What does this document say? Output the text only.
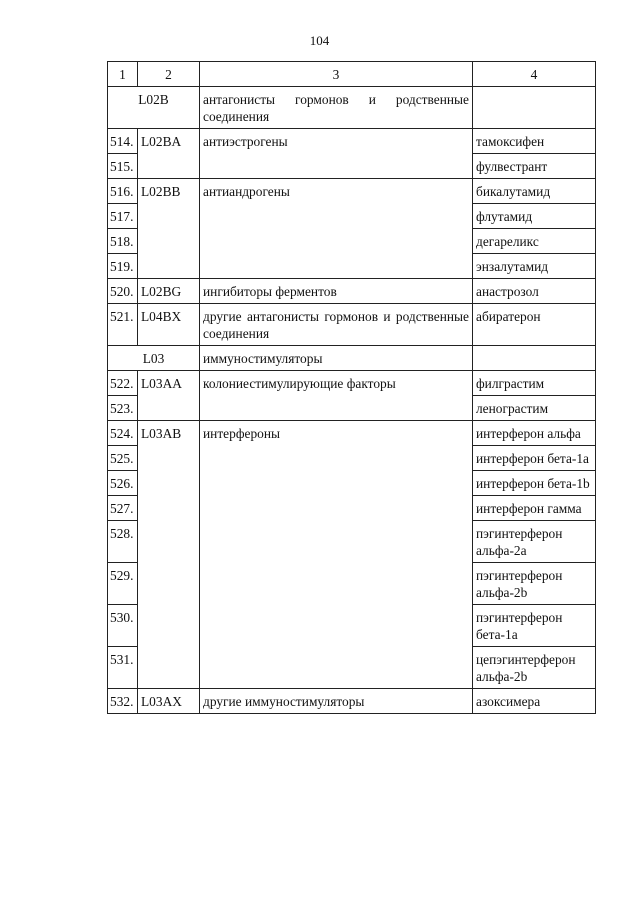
104
1	2	3	4
L02B		антагонисты гормонов и родственные соединения	
514.	L02BA	антиэстрогены	тамоксифен
515.			фулвестрант
516.	L02BB	антиандрогены	бикалутамид
517.			флутамид
518.			дегареликс
519.			энзалутамид
520.	L02BG	ингибиторы ферментов	анастрозол
521.	L04BX	другие антагонисты гормонов и родственные соединения	абиратерон
L03		иммуностимуляторы	
522.	L03AA	колониестимулирующие факторы	филграстим
523.			ленограстим
524.	L03AB	интерфероны	интерферон альфа
525.			интерферон бета-1a
526.			интерферон бета-1b
527.			интерферон гамма
528.			пэгинтерферон альфа-2a
529.			пэгинтерферон альфа-2b
530.			пэгинтерферон бета-1a
531.			цепэгинтерферон альфа-2b
532.	L03AX	другие иммуностимуляторы	азоксимера
